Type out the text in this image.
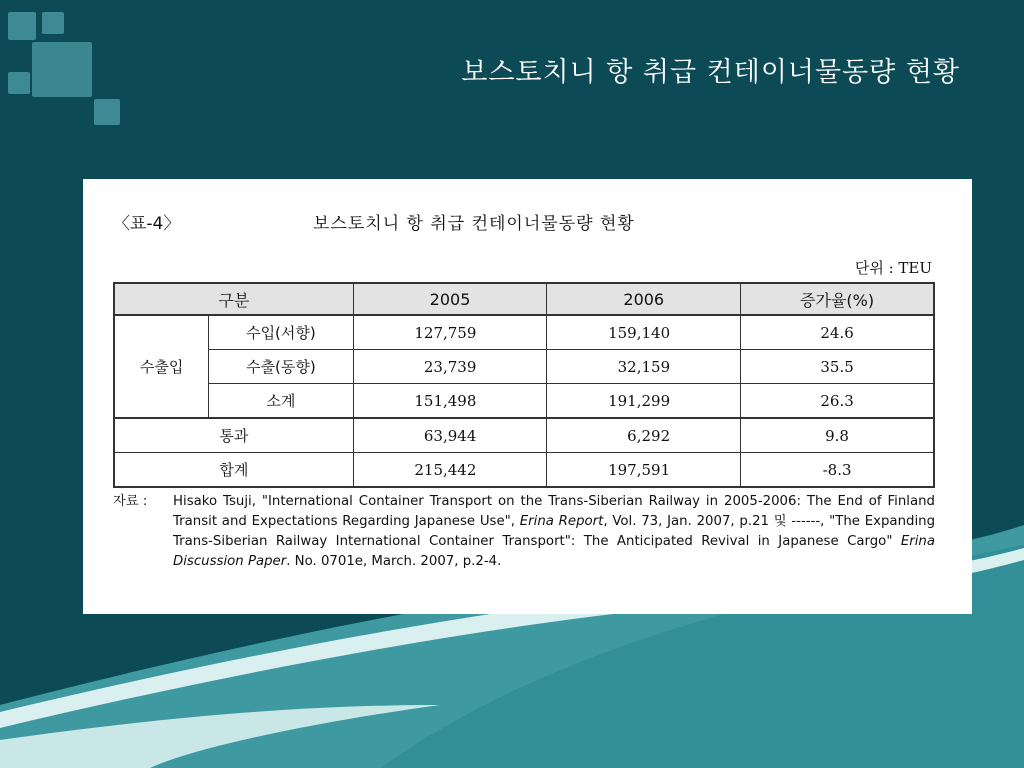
보스토치니 항 취급 컨테이너물동량 현황
〈표-4〉	보스토치니 항 취급 컨테이너물동량 현황
단위 : TEU
구분		2005	2006	증가율(%)
수출입	수입(서향)	127,759	159,140	24.6
	수출(동향)	23,739	32,159	35.5
	소계	151,498	191,299	26.3
통과		63,944	6,292	9.8
합계		215,442	197,591	-8.3
자료 :	Hisako Tsuji, "International Container Transport on the Trans-Siberian Railway in 2005-2006: The End of Finland Transit and Expectations Regarding Japanese Use", Erina Report, Vol. 73, Jan. 2007, p.21 및 ------, "The Expanding Trans-Siberian Railway International Container Transport": The Anticipated Revival in Japanese Cargo" Erina Discussion Paper. No. 0701e, March. 2007, p.2-4.
